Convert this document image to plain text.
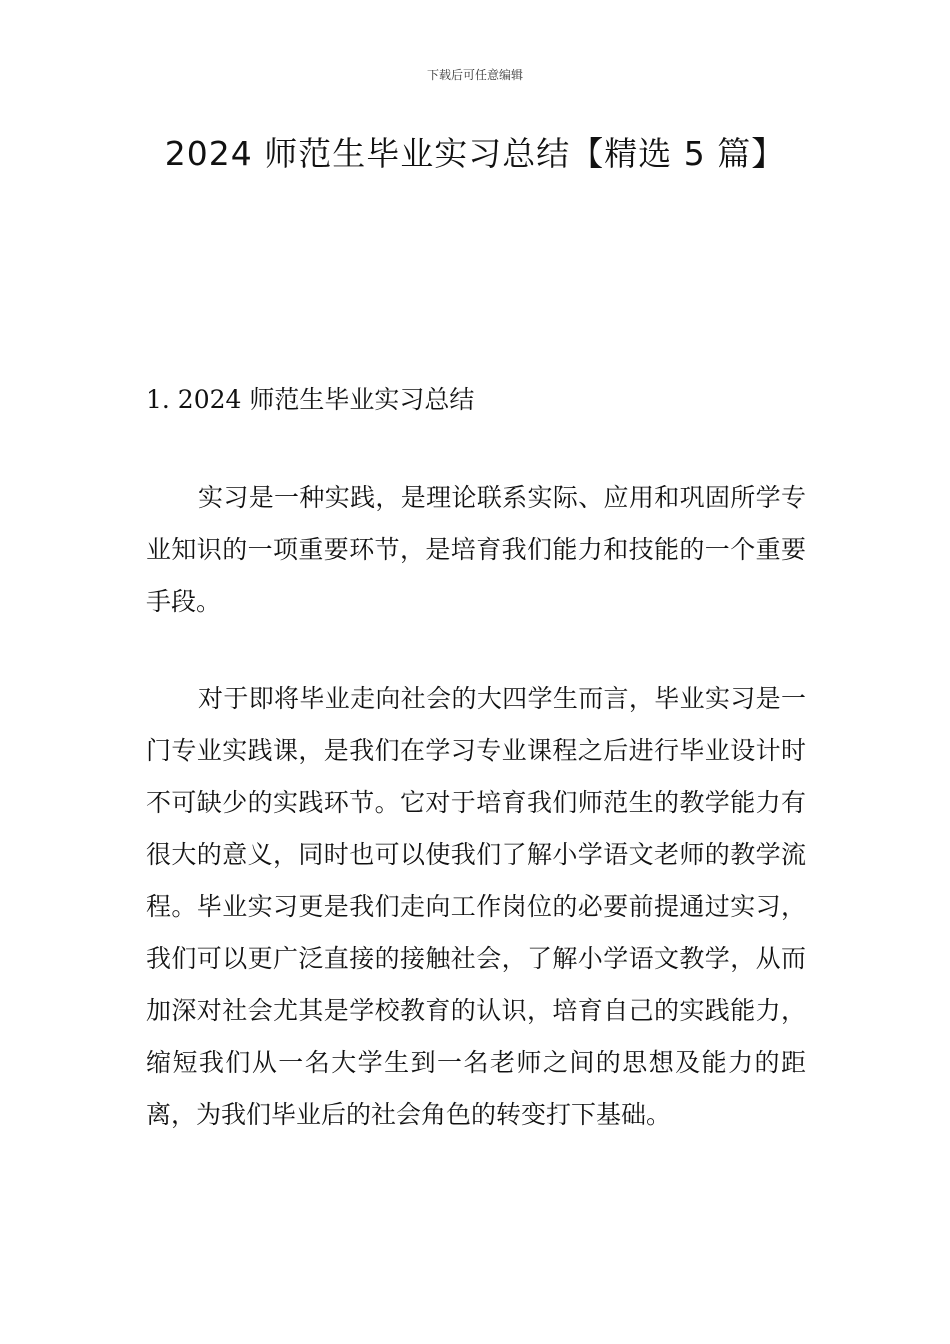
下载后可任意编辑
2024 师范生毕业实习总结【精选 5 篇】
1. 2024 师范生毕业实习总结

实习是一种实践，是理论联系实际、应用和巩固所学专业知识的一项重要环节，是培育我们能力和技能的一个重要手段。

对于即将毕业走向社会的大四学生而言，毕业实习是一门专业实践课，是我们在学习专业课程之后进行毕业设计时不可缺少的实践环节。它对于培育我们师范生的教学能力有很大的意义，同时也可以使我们了解小学语文老师的教学流程。毕业实习更是我们走向工作岗位的必要前提通过实习，我们可以更广泛直接的接触社会，了解小学语文教学，从而加深对社会尤其是学校教育的认识，培育自己的实践能力，缩短我们从一名大学生到一名老师之间的思想及能力的距离，为我们毕业后的社会角色的转变打下基础。
